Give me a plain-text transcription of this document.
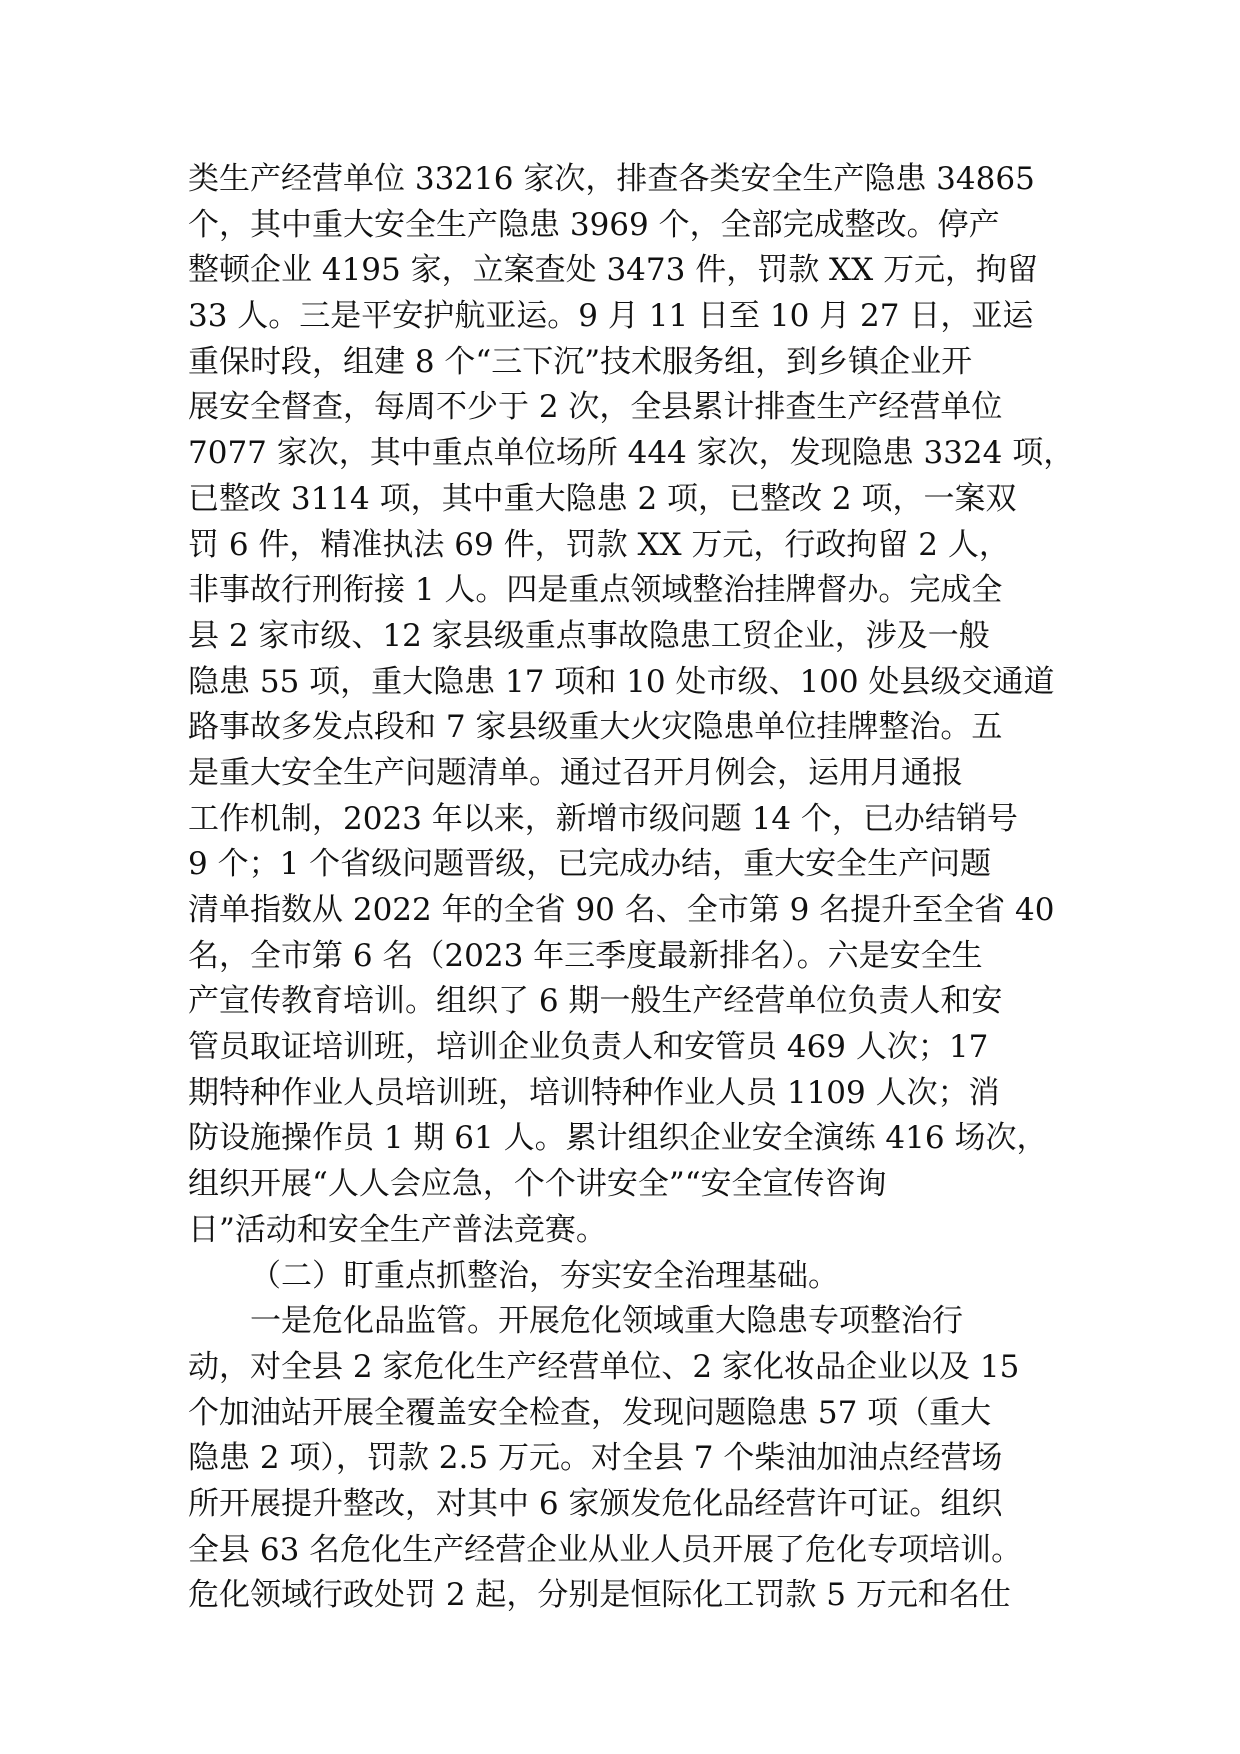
类生产经营单位 33216 家次，排查各类安全生产隐患 34865
个，其中重大安全生产隐患 3969 个，全部完成整改。停产
整顿企业 4195 家，立案查处 3473 件，罚款 XX 万元，拘留
33 人。三是平安护航亚运。9 月 11 日至 10 月 27 日，亚运
重保时段，组建 8 个“三下沉”技术服务组，到乡镇企业开
展安全督查，每周不少于 2 次，全县累计排查生产经营单位
7077 家次，其中重点单位场所 444 家次，发现隐患 3324 项，
已整改 3114 项，其中重大隐患 2 项，已整改 2 项，一案双
罚 6 件，精准执法 69 件，罚款 XX 万元，行政拘留 2 人，
非事故行刑衔接 1 人。四是重点领域整治挂牌督办。完成全
县 2 家市级、12 家县级重点事故隐患工贸企业，涉及一般
隐患 55 项，重大隐患 17 项和 10 处市级、100 处县级交通道
路事故多发点段和 7 家县级重大火灾隐患单位挂牌整治。五
是重大安全生产问题清单。通过召开月例会，运用月通报
工作机制，2023 年以来，新增市级问题 14 个，已办结销号
9 个；1 个省级问题晋级，已完成办结，重大安全生产问题
清单指数从 2022 年的全省 90 名、全市第 9 名提升至全省 40
名，全市第 6 名（2023 年三季度最新排名）。六是安全生
产宣传教育培训。组织了 6 期一般生产经营单位负责人和安
管员取证培训班，培训企业负责人和安管员 469 人次；17
期特种作业人员培训班，培训特种作业人员 1109 人次；消
防设施操作员 1 期 61 人。累计组织企业安全演练 416 场次，
组织开展“人人会应急，个个讲安全”“安全宣传咨询
日”活动和安全生产普法竞赛。
（二）盯重点抓整治，夯实安全治理基础。
一是危化品监管。开展危化领域重大隐患专项整治行
动，对全县 2 家危化生产经营单位、2 家化妆品企业以及 15
个加油站开展全覆盖安全检查，发现问题隐患 57 项（重大
隐患 2 项），罚款 2.5 万元。对全县 7 个柴油加油点经营场
所开展提升整改，对其中 6 家颁发危化品经营许可证。组织
全县 63 名危化生产经营企业从业人员开展了危化专项培训。
危化领域行政处罚 2 起，分别是恒际化工罚款 5 万元和名仕
